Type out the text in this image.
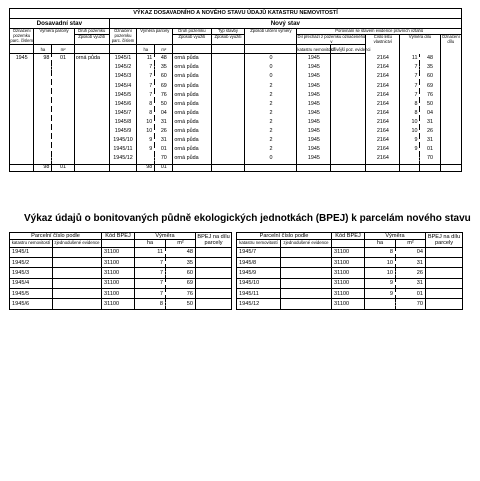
VÝKAZ DOSAVADNÍHO A NOVÉHO STAVU ÚDAJŮ KATASTRU NEMOVITOSTÍ															
Dosavadní stav				Nový stav											
Označení pozemku parc. číslem	Výměra parcely		Druh pozemku	Označení pozemku parc. číslem	Výměra parcely		Druh pozemku	Typ stavby	Způsob určení výměry	Porovnání se stavem evidence právních vztahů					
			Způsob využití				Způsob využití	Způsob využití		Díl přechází z pozemku označeného v		Číslo listu vlastnictví	Výměra dílu		Označení dílu
	ha	m²			ha	m²				katastru nemovitostí	dřívější poz. evidenci				
1945	98	01	orná půda	1945/1	11	48	orná půda		0	1945		2164	11	48	
				1945/2	7	35	orná půda		0	1945		2164	7	35	
				1945/3	7	60	orná půda		0	1945		2164	7	60	
				1945/4	7	69	orná půda		2	1945		2164	7	69	
				1945/5	7	76	orná půda		2	1945		2164	7	76	
				1945/6	8	50	orná půda		2	1945		2164	8	50	
				1945/7	8	04	orná půda		2	1945		2164	8	04	
				1945/8	10	31	orná půda		2	1945		2164	10	31	
				1945/9	10	26	orná půda		2	1945		2164	10	26	
				1945/10	9	31	orná půda		2	1945		2164	9	31	
				1945/11	9	01	orná půda		2	1945		2164	9	01	
				1945/12		70	orná půda		0	1945		2164		70	
	98	01			98	01									
Výkaz údajů o bonitovaných půdně ekologických jednotkách (BPEJ) k parcelám nového stavu
Parcelní číslo podle		Kód BPEJ	Výměra		BPEJ na dílu parcely
katastru nemovitostí	zjednodušené evidence				
			ha	m²	
1945/1		31100	11	48	
1945/2		31100	7	35	
1945/3		31100	7	60	
1945/4		31100	7	69	
1945/5		31100	7	76	
1945/6		31100	8	50	
Parcelní číslo podle		Kód BPEJ	Výměra		BPEJ na dílu parcely
katastru nemovitostí	zjednodušené evidence				
			ha	m²	
1945/7		31100	8	04	
1945/8		31100	10	31	
1945/9		31100	10	26	
1945/10		31100	9	31	
1945/11		31100	9	01	
1945/12		31100		70	
